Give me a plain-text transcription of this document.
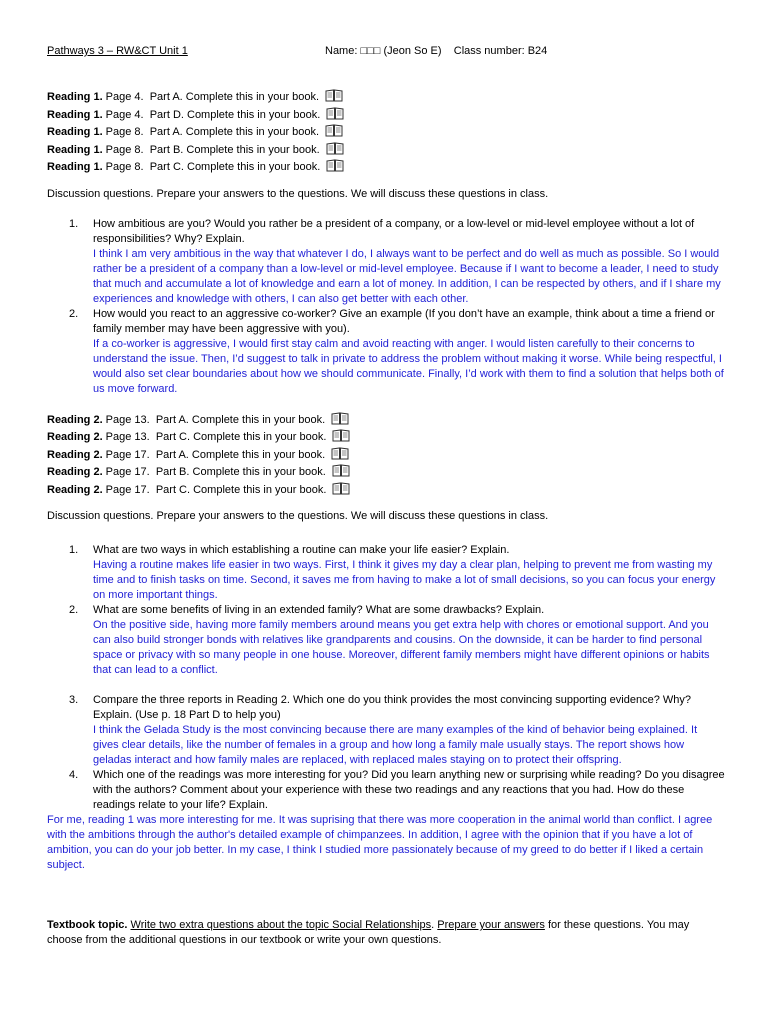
Pathways 3 – RW&CT Unit 1	Name: □□□ (Jeon So E)    Class number: B24
Reading 1. Page 4.  Part A. Complete this in your book.
Reading 1. Page 4.  Part D. Complete this in your book.
Reading 1. Page 8.  Part A. Complete this in your book.
Reading 1. Page 8.  Part B. Complete this in your book.
Reading 1. Page 8.  Part C. Complete this in your book.
Discussion questions. Prepare your answers to the questions. We will discuss these questions in class.
1. How ambitious are you? Would you rather be a president of a company, or a low-level or mid-level employee without a lot of responsibilities? Why? Explain.
I think I am very ambitious in the way that whatever I do, I always want to be perfect and do well as much as possible. So I would rather be a president of a company than a low-level or mid-level employee. Because if I want to become a leader, I need to study that much and accumulate a lot of knowledge and earn a lot of money. In addition, I can be respected by others, and if I share my experiences and knowledge with others, I can also get better with each other.
2. How would you react to an aggressive co-worker? Give an example (If you don’t have an example, think about a time a friend or family member may have been aggressive with you).
If a co-worker is aggressive, I would first stay calm and avoid reacting with anger. I would listen carefully to their concerns to understand the issue. Then, I’d suggest to talk in private to address the problem without making it worse. While being respectful, I would also set clear boundaries about how we should communicate. Finally, I’d work with them to find a solution that helps both of us move forward.
Reading 2. Page 13.  Part A. Complete this in your book.
Reading 2. Page 13.  Part C. Complete this in your book.
Reading 2. Page 17.  Part A. Complete this in your book.
Reading 2. Page 17.  Part B. Complete this in your book.
Reading 2. Page 17.  Part C. Complete this in your book.
Discussion questions. Prepare your answers to the questions. We will discuss these questions in class.
1. What are two ways in which establishing a routine can make your life easier? Explain.
Having a routine makes life easier in two ways. First, I think it gives my day a clear plan, helping to prevent me from wasting my time and to finish tasks on time. Second, it saves me from having to make a lot of small decisions, so you can focus your energy on more important things.
2. What are some benefits of living in an extended family? What are some drawbacks? Explain.
On the positive side, having more family members around means you get extra help with chores or emotional support. And you can also build stronger bonds with relatives like grandparents and cousins. On the downside, it can be harder to find personal space or privacy with so many people in one house. Moreover, different family members might have different opinions or habits that can lead to a conflict.
3. Compare the three reports in Reading 2. Which one do you think provides the most convincing supporting evidence? Why? Explain. (Use p. 18 Part D to help you)
I think the Gelada Study is the most convincing because there are many examples of the kind of behavior being explained. It gives clear details, like the number of females in a group and how long a family male usually stays. The report shows how geladas interact and how family males are replaced, with replaced males staying on to protect their offspring.
4. Which one of the readings was more interesting for you? Did you learn anything new or surprising while reading? Do you disagree with the authors? Comment about your experience with these two readings and any reactions that you had. How do these readings relate to your life? Explain.
For me, reading 1 was more interesting for me. It was suprising that there was more cooperation in the animal world than conflict. I agree with the ambitions through the author's detailed example of chimpanzees. In addition, I agree with the opinion that if you have a lot of ambition, you can do your job better. In my case, I think I studied more passionately because of my greed to do better if I liked a certain subject.
Textbook topic. Write two extra questions about the topic Social Relationships. Prepare your answers for these questions. You may choose from the additional questions in our textbook or write your own questions.
